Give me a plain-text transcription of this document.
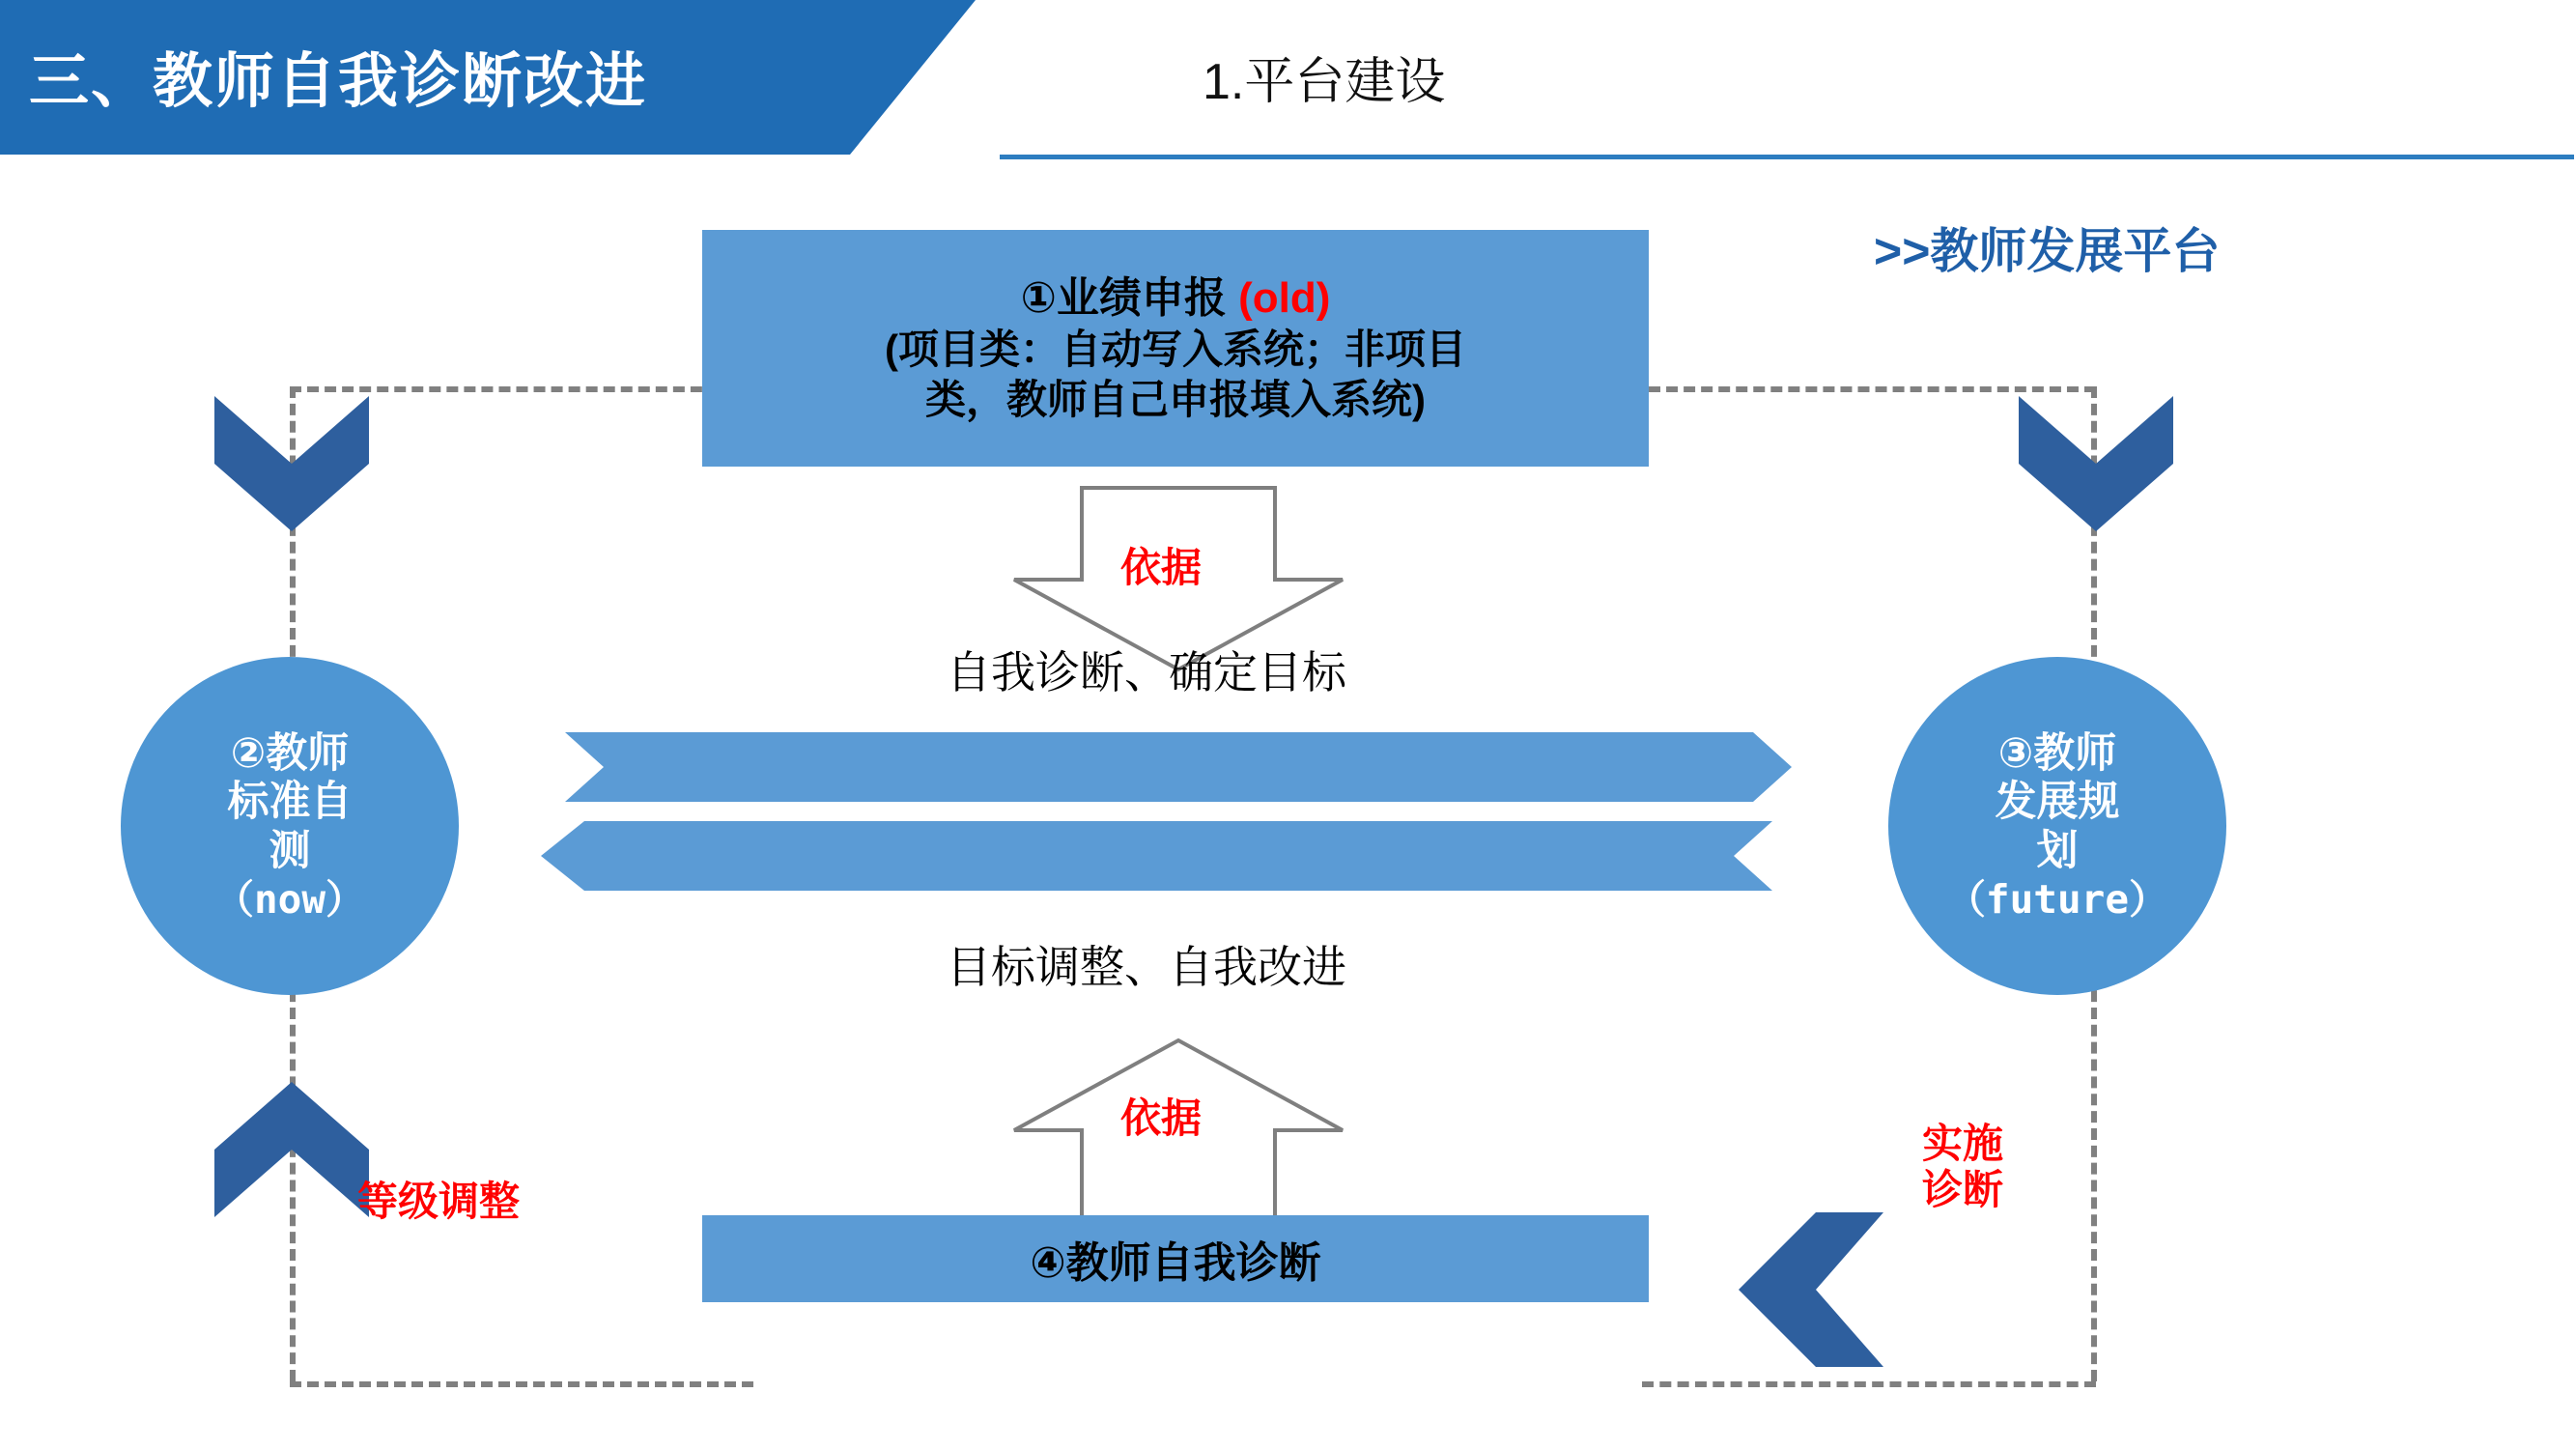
三、教师自我诊断改进	1.平台建设
>>教师发展平台
①业绩申报 (old)
(项目类：自动写入系统；非项目
类，教师自己申报填入系统)
依据
自我诊断、确定目标
目标调整、自我改进
依据
④教师自我诊断
②教师
标准自
测
（now）
③教师
发展规
划
（future）
等级调整
实施
诊断
